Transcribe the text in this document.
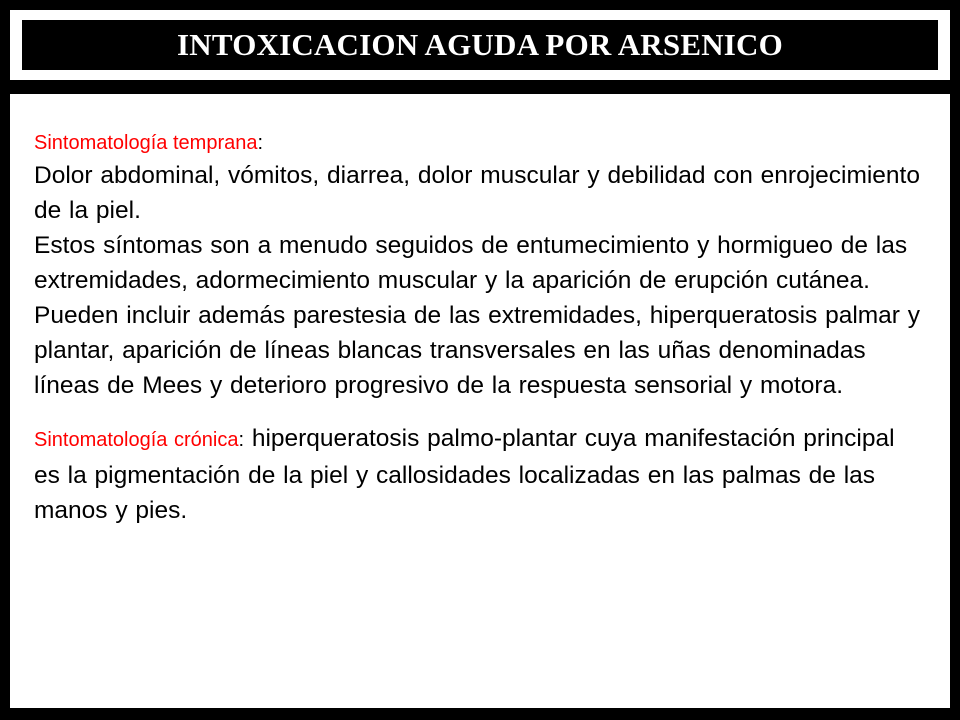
INTOXICACION AGUDA POR ARSENICO
Sintomatología temprana:

Dolor abdominal, vómitos, diarrea, dolor muscular y debilidad con enrojecimiento de la piel.

Estos síntomas son a menudo seguidos de entumecimiento y hormigueo de las extremidades, adormecimiento muscular y la aparición de erupción cutánea.

Pueden incluir además parestesia de las extremidades, hiperqueratosis palmar y plantar, aparición de líneas blancas transversales en las uñas denominadas líneas de Mees y deterioro progresivo de la respuesta sensorial y motora.

Sintomatología crónica: hiperqueratosis palmo-plantar cuya manifestación principal es la pigmentación de la piel y callosidades localizadas en las palmas de las manos y pies.
